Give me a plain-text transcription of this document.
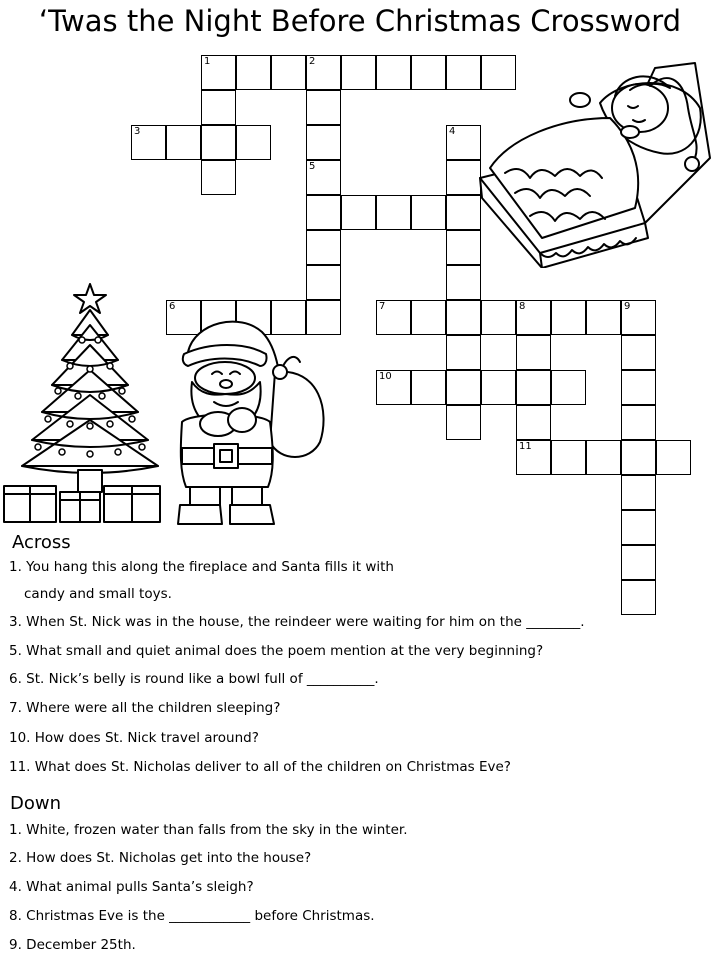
‘Twas the Night Before Christmas Crossword
1	2
3	4
5
6	7	8	9
10
11
Across
1. You hang this along the fireplace and Santa fills it with
candy and small toys.
3. When St. Nick was in the house, the reindeer were waiting for him on the ________.
5. What small and quiet animal does the poem mention at the very beginning?
6. St. Nick’s belly is round like a bowl full of __________.
7. Where were all the children sleeping?
10. How does St. Nick travel around?
11. What does St. Nicholas deliver to all of the children on Christmas Eve?
Down
1. White, frozen water than falls from the sky in the winter.
2. How does St. Nicholas get into the house?
4. What animal pulls Santa’s sleigh?
8. Christmas Eve is the ____________ before Christmas.
9. December 25th.
